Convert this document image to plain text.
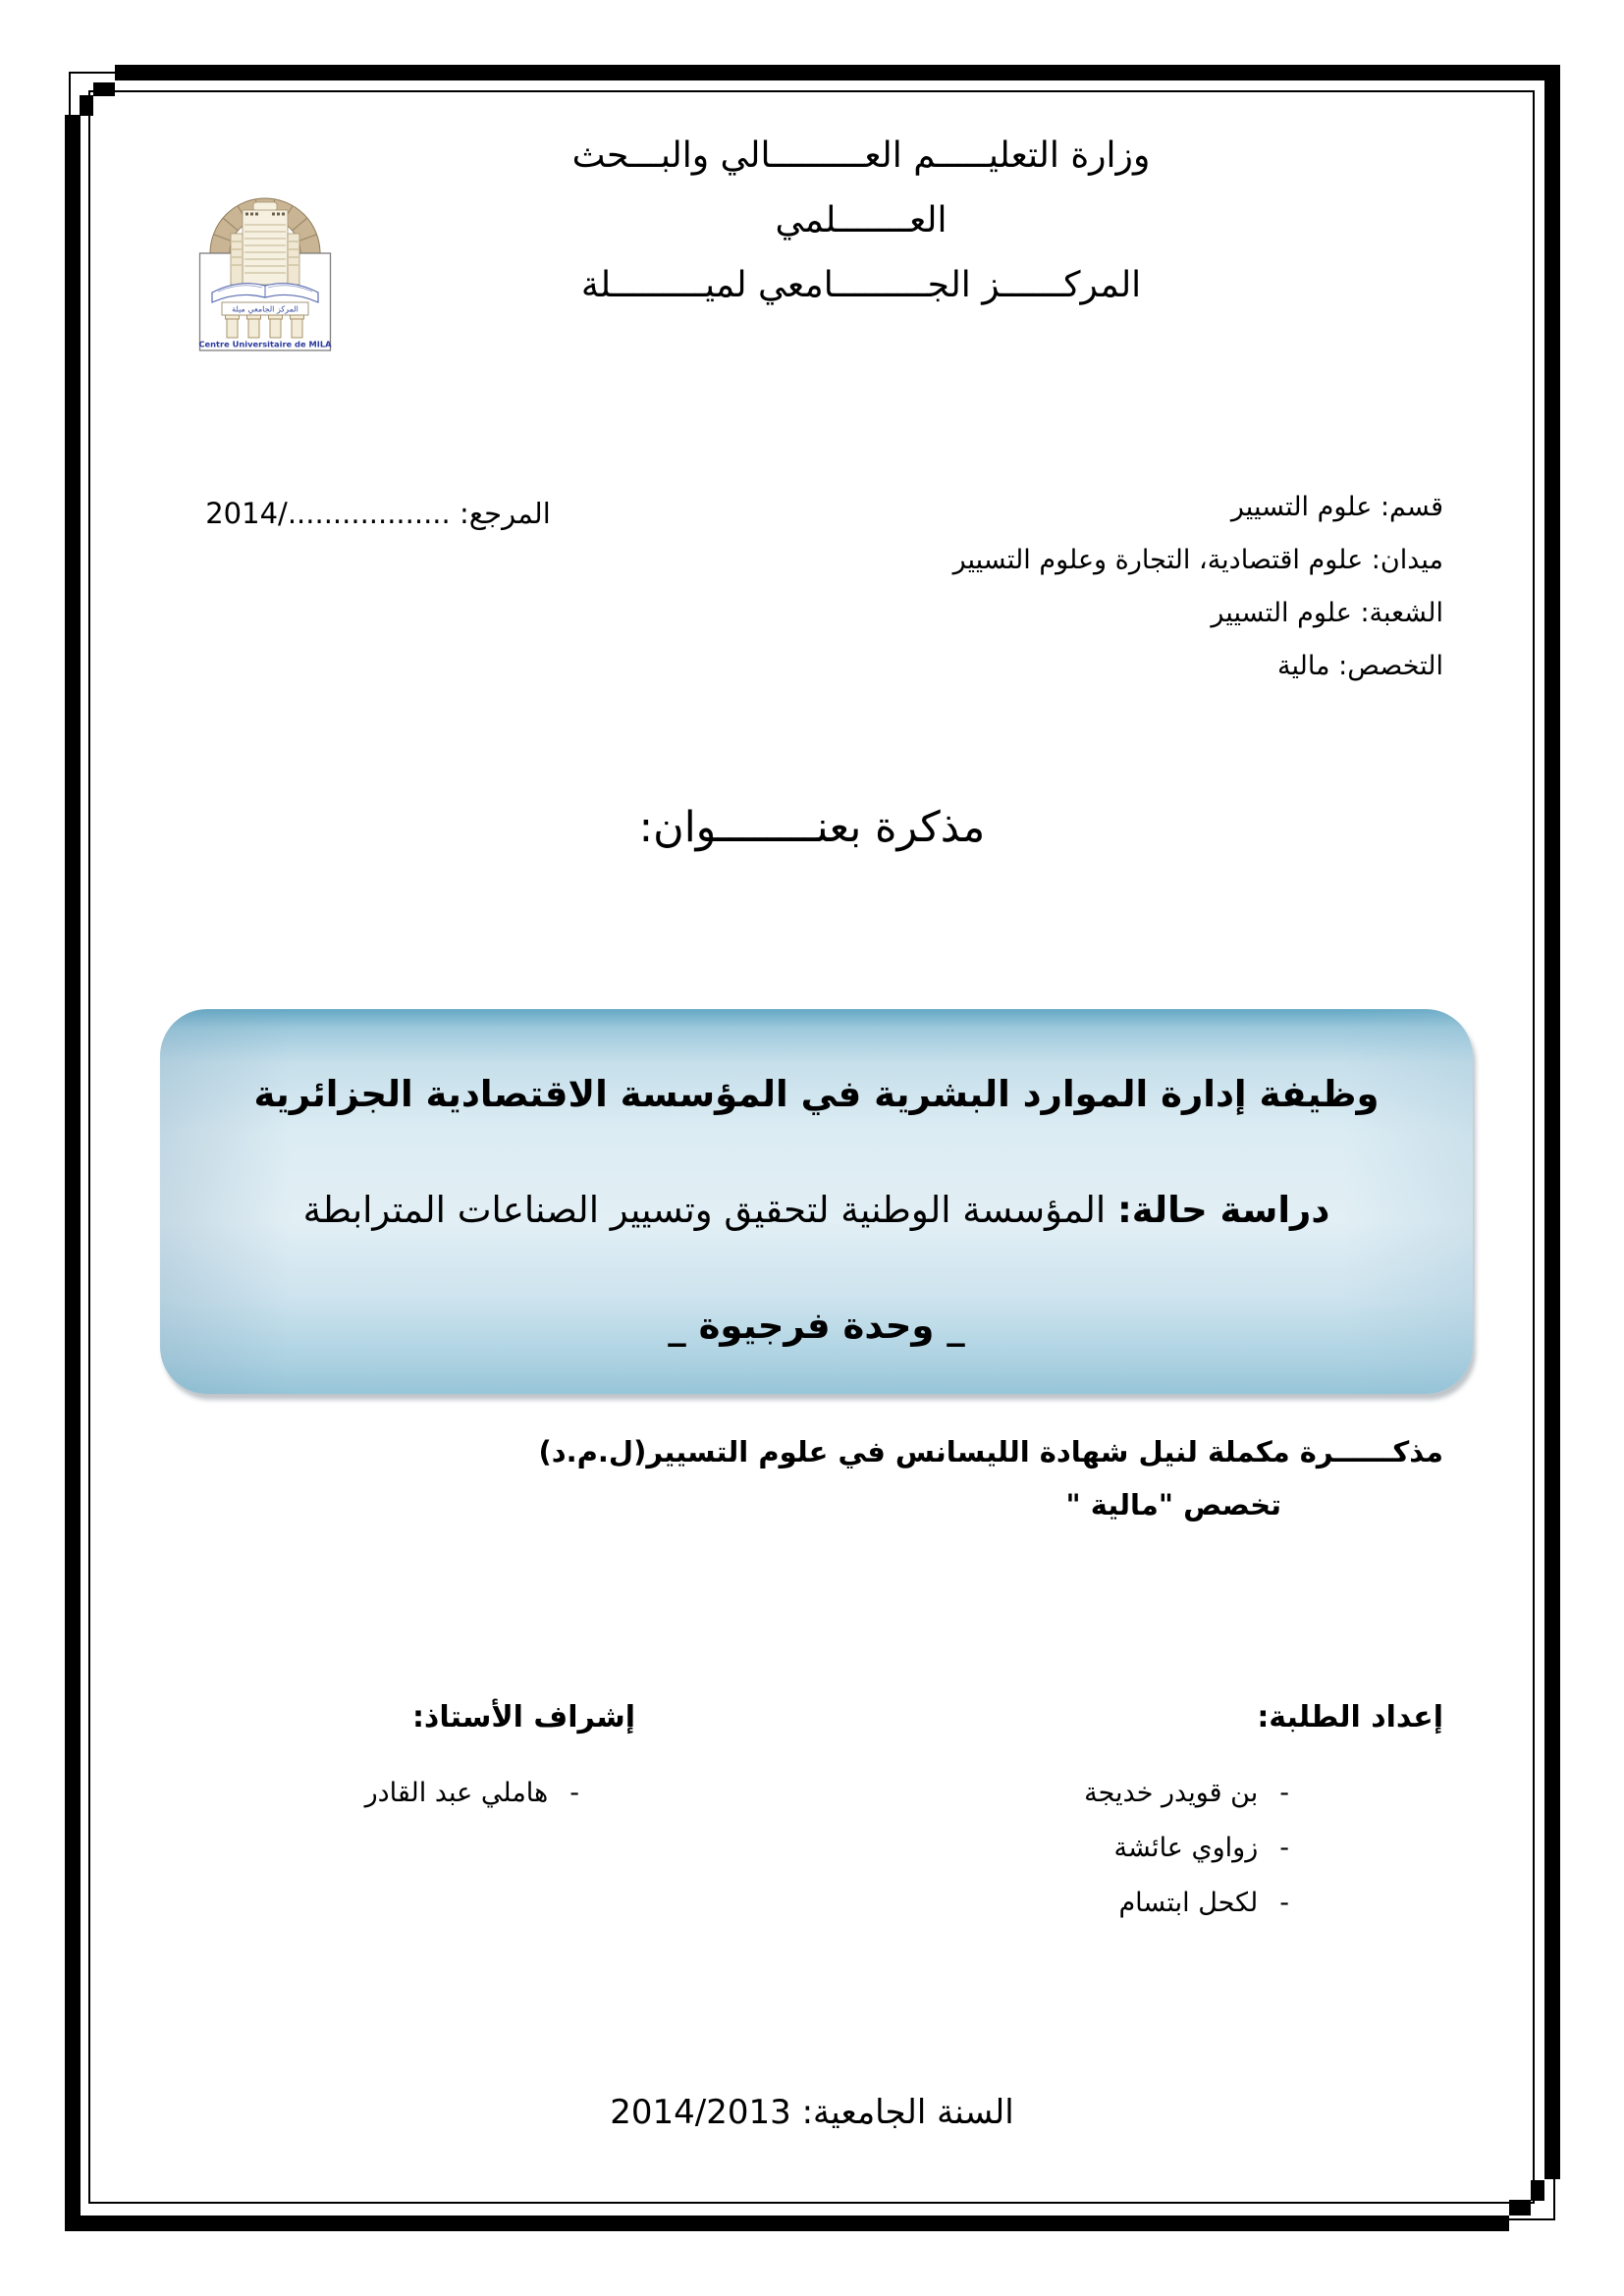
المركز الجامعي ميلة
Centre Universitaire de MILA
وزارة التعليـــــم العـــــــــالي والبـــحث
العـــــــلمي
المركــــــز الجـــــــــامعي لميـــــــــلة
قسم: علوم التسيير
ميدان: علوم اقتصادية، التجارة وعلوم التسيير
الشعبة: علوم التسيير
التخصص: مالية
المرجع: ................../2014
مذكرة بعنــــــــوان:
وظيفة إدارة الموارد البشرية في المؤسسة الاقتصادية الجزائرية
دراسة حالة: المؤسسة الوطنية لتحقيق وتسيير الصناعات المترابطة
_ وحدة فرجيوة _
مذكــــــرة مكملة لنيل شهادة الليسانس في علوم التسيير(ل.م.د)
تخصص "مالية "
إعداد الطلبة:
-بن قويدر خديجة
-زواوي عائشة
-لكحل ابتسام
إشراف الأستاذ:
-هاملي عبد القادر
السنة الجامعية: 2014/2013
